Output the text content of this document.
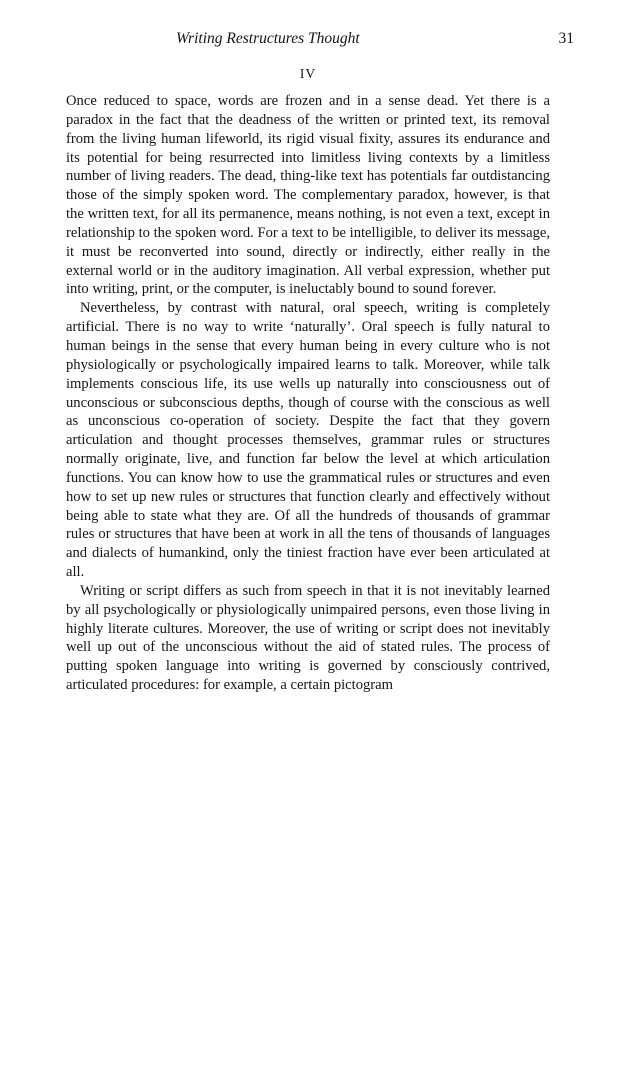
Writing Restructures Thought	31
IV

Once reduced to space, words are frozen and in a sense dead. Yet there is a paradox in the fact that the deadness of the written or printed text, its removal from the living human lifeworld, its rigid visual fixity, assures its endurance and its potential for being resurrected into limitless living contexts by a limitless number of living readers. The dead, thing-like text has potentials far outdistancing those of the simply spoken word. The complementary paradox, however, is that the written text, for all its permanence, means nothing, is not even a text, except in relationship to the spoken word. For a text to be intelligible, to deliver its message, it must be reconverted into sound, directly or indirectly, either really in the external world or in the auditory imagination. All verbal expression, whether put into writing, print, or the computer, is ineluctably bound to sound forever.

Nevertheless, by contrast with natural, oral speech, writing is completely artificial. There is no way to write ‘naturally’. Oral speech is fully natural to human beings in the sense that every human being in every culture who is not physiologically or psychologically impaired learns to talk. Moreover, while talk implements conscious life, its use wells up naturally into consciousness out of unconscious or subconscious depths, though of course with the conscious as well as unconscious co-operation of society. Despite the fact that they govern articulation and thought processes themselves, grammar rules or structures normally originate, live, and function far below the level at which articulation functions. You can know how to use the grammatical rules or structures and even how to set up new rules or structures that function clearly and effectively without being able to state what they are. Of all the hundreds of thousands of grammar rules or structures that have been at work in all the tens of thousands of languages and dialects of humankind, only the tiniest fraction have ever been articulated at all.

Writing or script differs as such from speech in that it is not inevitably learned by all psychologically or physiologically unimpaired persons, even those living in highly literate cultures. Moreover, the use of writing or script does not inevitably well up out of the unconscious without the aid of stated rules. The process of putting spoken language into writing is governed by consciously contrived, articulated procedures: for example, a certain pictogram
